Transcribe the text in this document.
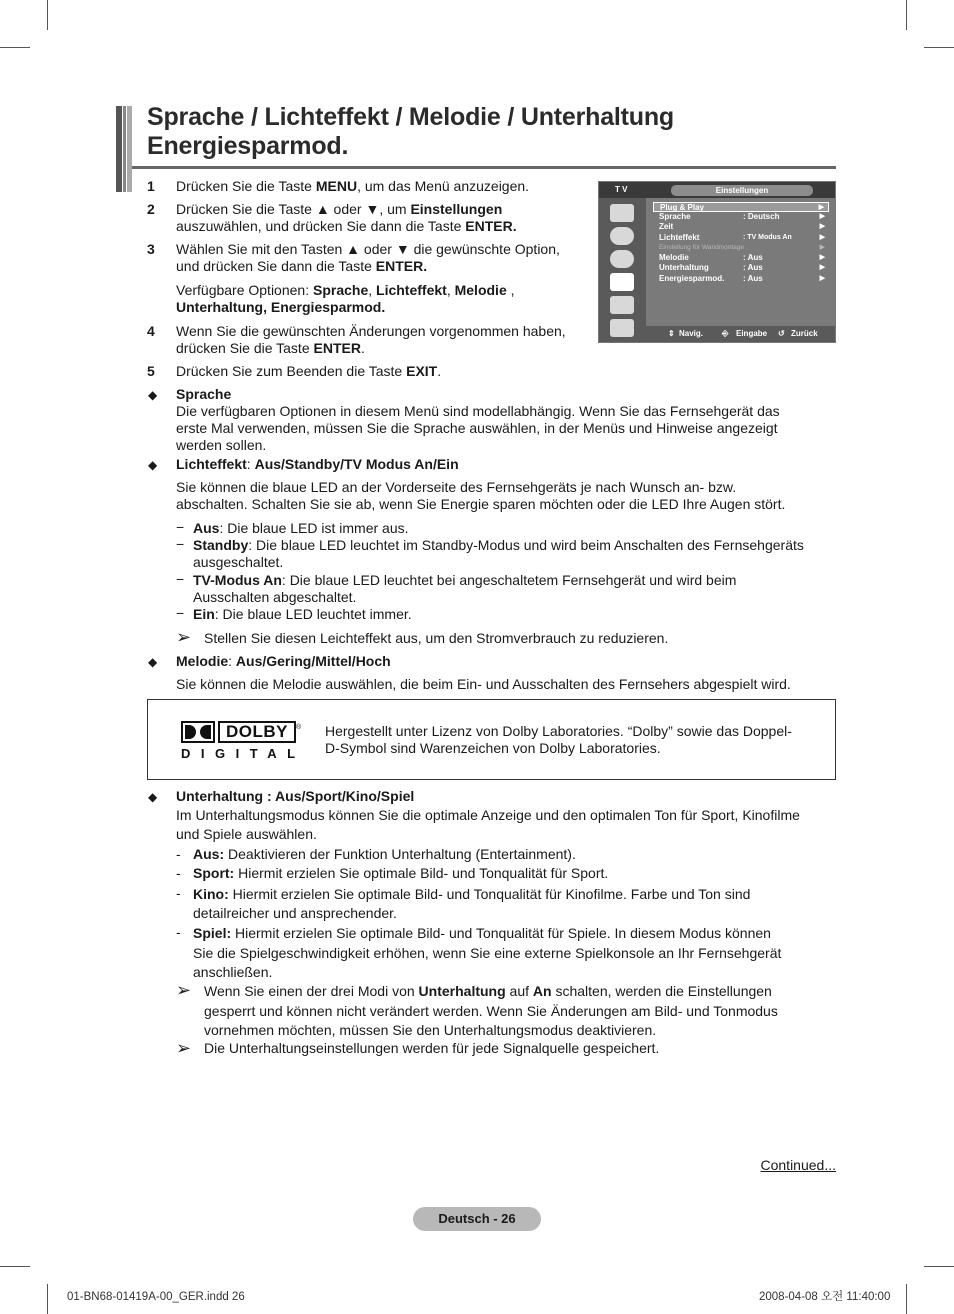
Sprache / Lichteffekt / Melodie / Unterhaltung
Energiesparmod.
1 Drücken Sie die Taste MENU, um das Menü anzuzeigen.
2 Drücken Sie die Taste ▲ oder ▼, um Einstellungen
auszuwählen, und drücken Sie dann die Taste ENTER.
3 Wählen Sie mit den Tasten ▲ oder ▼ die gewünschte Option,
und drücken Sie dann die Taste ENTER.
Verfügbare Optionen: Sprache, Lichteffekt, Melodie ,
Unterhaltung, Energiesparmod.
4 Wenn Sie die gewünschten Änderungen vorgenommen haben,
drücken Sie die Taste ENTER.
5 Drücken Sie zum Beenden die Taste EXIT.
T V	Einstellungen
Plug & Play	▶
Sprache	: Deutsch	▶
Zeit	▶
Lichteffekt	: TV Modus An	▶
Einstellung für Wandmontage	▶
Melodie	: Aus	▶
Unterhaltung	: Aus	▶
Energiesparmod. : Aus	▶
⇕ Navig. ⎆ Eingabe ↺ Zurück
◆ Sprache
Die verfügbaren Optionen in diesem Menü sind modellabhängig. Wenn Sie das Fernsehgerät das
erste Mal verwenden, müssen Sie die Sprache auswählen, in der Menüs und Hinweise angezeigt
werden sollen.
◆ Lichteffekt: Aus/Standby/TV Modus An/Ein
Sie können die blaue LED an der Vorderseite des Fernsehgeräts je nach Wunsch an- bzw.
abschalten. Schalten Sie sie ab, wenn Sie Energie sparen möchten oder die LED Ihre Augen stört.
− Aus: Die blaue LED ist immer aus.
− Standby: Die blaue LED leuchtet im Standby-Modus und wird beim Anschalten des Fernsehgeräts
ausgeschaltet.
− TV-Modus An: Die blaue LED leuchtet bei angeschaltetem Fernsehgerät und wird beim
Ausschalten abgeschaltet.
− Ein: Die blaue LED leuchtet immer.
➢ Stellen Sie diesen Leichteffekt aus, um den Stromverbrauch zu reduzieren.
◆ Melodie: Aus/Gering/Mittel/Hoch
Sie können die Melodie auswählen, die beim Ein- und Ausschalten des Fernsehers abgespielt wird.
DOLBY	®
DIGITAL
Hergestellt unter Lizenz von Dolby Laboratories. “Dolby” sowie das Doppel-
D-Symbol sind Warenzeichen von Dolby Laboratories.
◆ Unterhaltung : Aus/Sport/Kino/Spiel
Im Unterhaltungsmodus können Sie die optimale Anzeige und den optimalen Ton für Sport, Kinofilme
und Spiele auswählen.
- Aus: Deaktivieren der Funktion Unterhaltung (Entertainment).
- Sport: Hiermit erzielen Sie optimale Bild- und Tonqualität für Sport.
- Kino: Hiermit erzielen Sie optimale Bild- und Tonqualität für Kinofilme. Farbe und Ton sind
detailreicher und ansprechender.
- Spiel: Hiermit erzielen Sie optimale Bild- und Tonqualität für Spiele. In diesem Modus können
Sie die Spielgeschwindigkeit erhöhen, wenn Sie eine externe Spielkonsole an Ihr Fernsehgerät
anschließen.
➢ Wenn Sie einen der drei Modi von Unterhaltung auf An schalten, werden die Einstellungen
gesperrt und können nicht verändert werden. Wenn Sie Änderungen am Bild- und Tonmodus
vornehmen möchten, müssen Sie den Unterhaltungsmodus deaktivieren.
➢ Die Unterhaltungseinstellungen werden für jede Signalquelle gespeichert.
Continued...
Deutsch - 26
01-BN68-01419A-00_GER.indd 26	2008-04-08 오전 11:40:00
